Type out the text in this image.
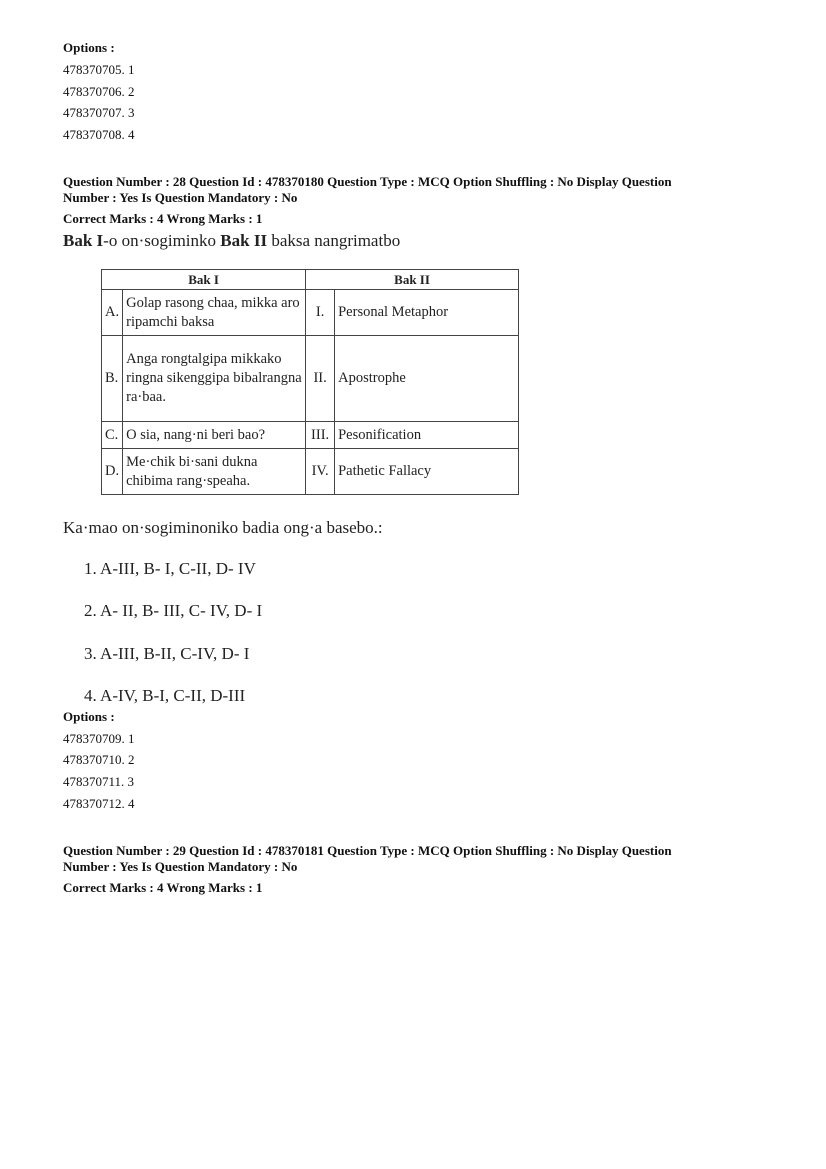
Options :
478370705. 1
478370706. 2
478370707. 3
478370708. 4
Question Number : 28 Question Id : 478370180 Question Type : MCQ Option Shuffling : No Display Question
Number : Yes Is Question Mandatory : No
Correct Marks : 4 Wrong Marks : 1
Bak I-o on·sogiminko Bak II baksa nangrimatbo
Bak I		Bak II	
A.	Golap rasong chaa, mikka aro ripamchi baksa	I.	Personal Metaphor
B.	Anga rongtalgipa mikkako ringna sikenggipa bibalrangna ra·baa.	II.	Apostrophe
C.	O sia, nang·ni beri bao?	III.	Pesonification
D.	Me·chik bi·sani dukna chibima rang·speaha.	IV.	Pathetic Fallacy
Ka·mao on·sogiminoniko badia ong·a basebo.:
1. A-III, B- I, C-II, D- IV
2. A- II, B- III, C- IV, D- I
3. A-III, B-II, C-IV, D- I
4. A-IV, B-I, C-II, D-III
Options :
478370709. 1
478370710. 2
478370711. 3
478370712. 4
Question Number : 29 Question Id : 478370181 Question Type : MCQ Option Shuffling : No Display Question
Number : Yes Is Question Mandatory : No
Correct Marks : 4 Wrong Marks : 1
